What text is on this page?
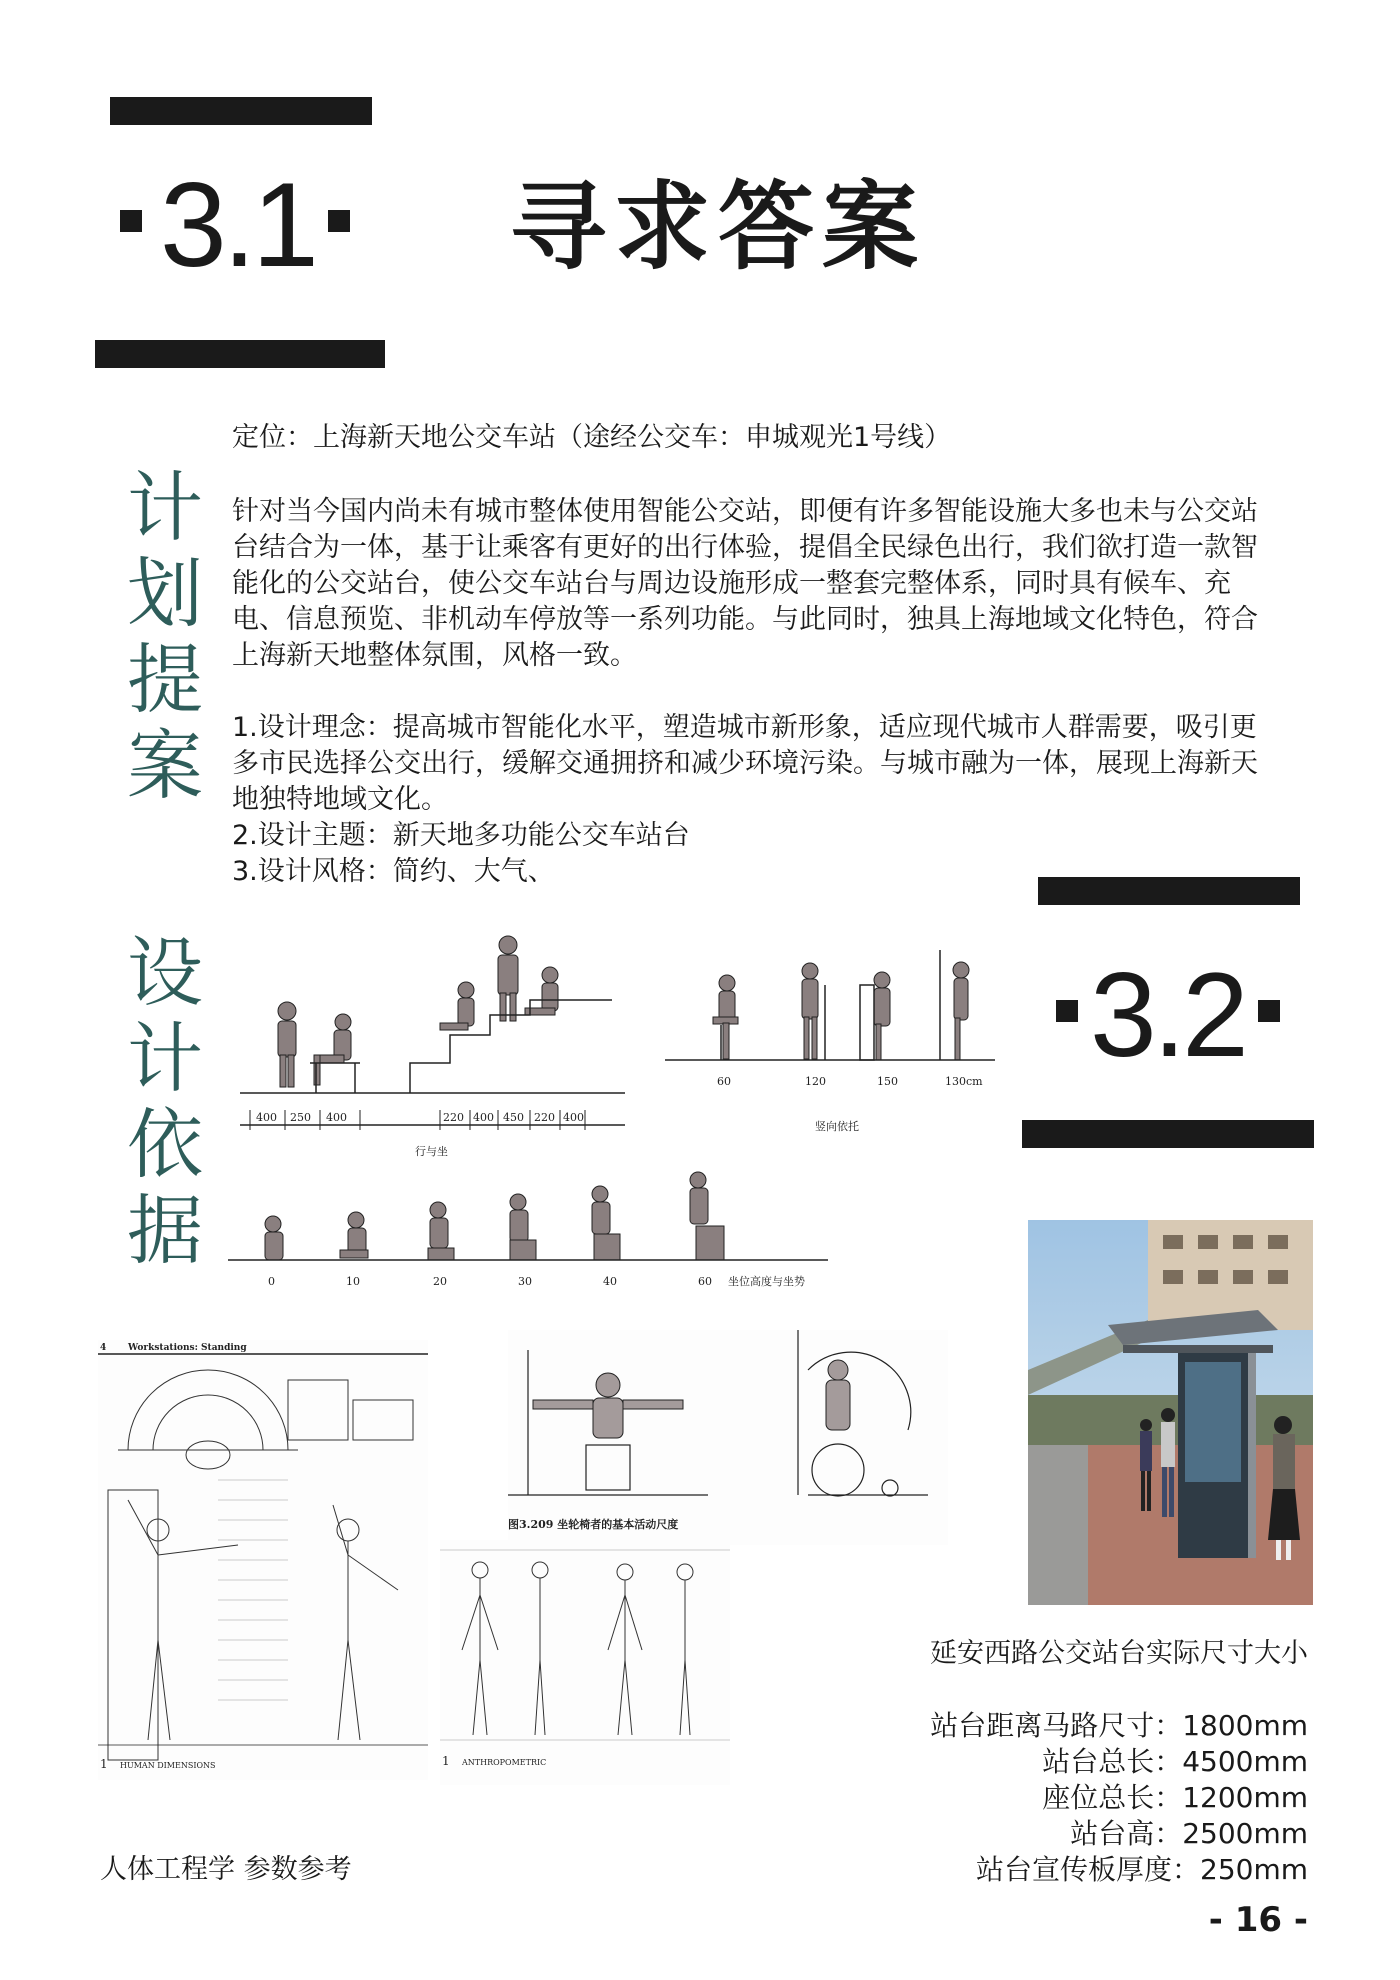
3.1 寻求答案
计
划
提
案
设
计
依
据
定位：上海新天地公交车站（途经公交车：申城观光1号线）
针对当今国内尚未有城市整体使用智能公交站，即便有许多智能设施大多也未与公交站台结合为一体，基于让乘客有更好的出行体验，提倡全民绿色出行，我们欲打造一款智能化的公交站台，使公交车站台与周边设施形成一整套完整体系，同时具有候车、充电、信息预览、非机动车停放等一系列功能。与此同时，独具上海地域文化特色，符合上海新天地整体氛围，风格一致。
1.设计理念：提高城市智能化水平，塑造城市新形象，适应现代城市人群需要，吸引更多市民选择公交出行，缓解交通拥挤和减少环境污染。与城市融为一体，展现上海新天地独特地域文化。
2.设计主题：新天地多功能公交车站台
3.设计风格：简约、大气、
3.2
400 250 400	220 400 450 220 400
行与坐
60	120	150	130cm
竖向依托
0	10	20	30	40	60 坐位高度与坐势
4 Workstations: Standing
1 HUMAN DIMENSIONS
图3.209 坐轮椅者的基本活动尺度
1 ANTHROPOMETRIC
延安西路公交站台实际尺寸大小
站台距离马路尺寸：1800mm
站台总长：4500mm
座位总长：1200mm
站台高：2500mm
站台宣传板厚度：250mm
人体工程学 参数参考
- 16 -
